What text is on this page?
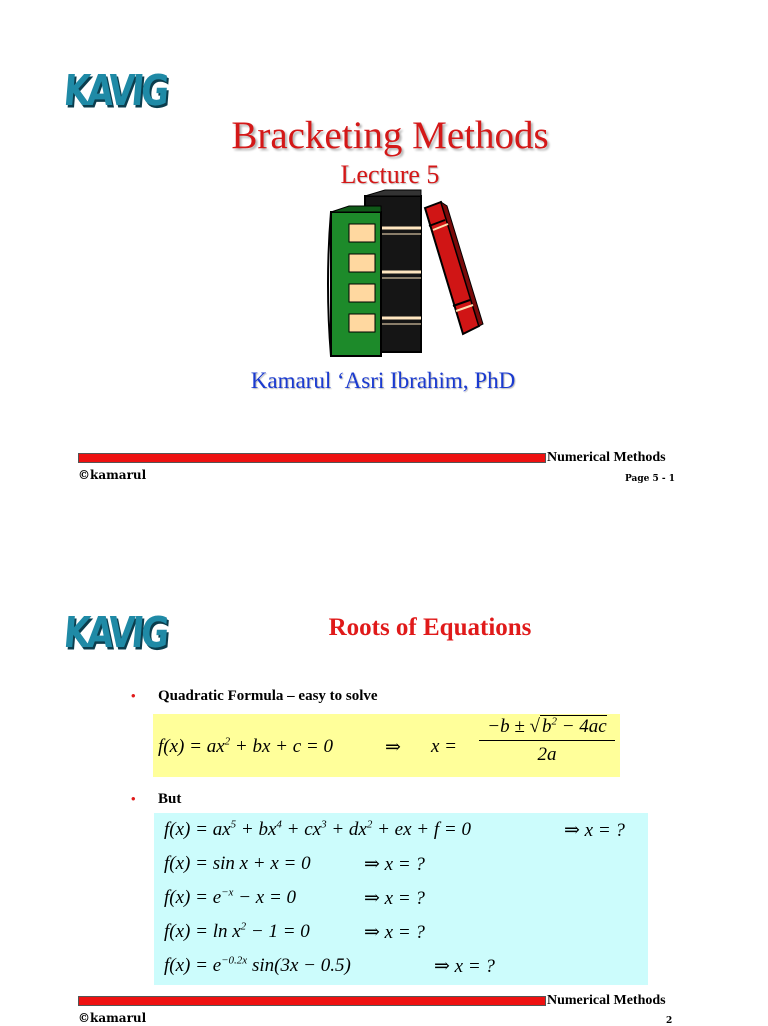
KAVIG
Bracketing Methods
Lecture 5
Kamarul ‘Asri Ibrahim, PhD
Numerical Methods
©kamarul	Page 5 - 1
KAVIG	Roots of Equations
• Quadratic Formula – easy to solve
$f(x) = ax^2$ + bx + c = 0	⇒ $x = \frac{-b \pm √ b^2 - 4ac}{2a}$
• But
$f(x) = ax^5 + bx^4 + cx^3 + dx^2$ + ex + f = 0	⇒ x = ?
f(x) = sin x + x = 0	⇒ x = ?
$f(x) = e^{-x} - x = 0$	⇒ x = ?
$f(x) = \ln x^2 - 1 = 0$	⇒ x = ?
$f(x) = e^{-0.2x}$ sin(3x − 0.5)	⇒ x = ?
Numerical Methods
©kamarul	2
